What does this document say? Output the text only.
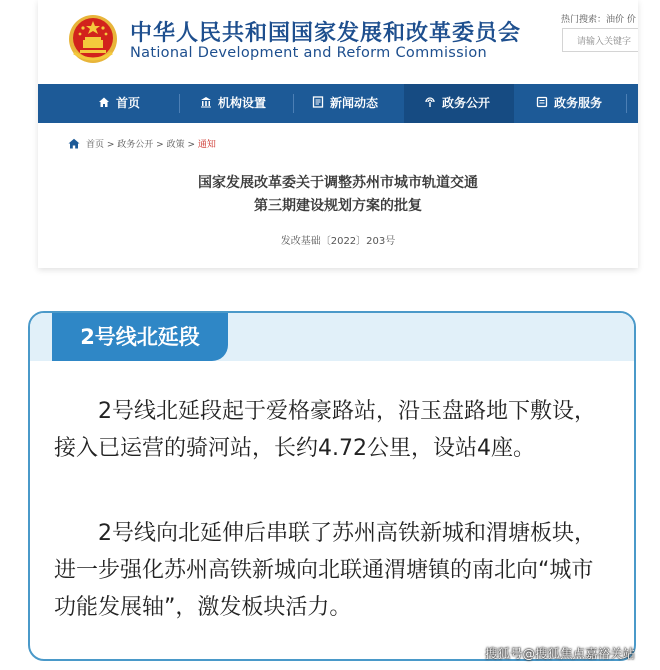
中华人民共和国国家发展和改革委员会
National Development and Reform Commission
热门搜索：油价 价
请输入关键字
首页	机构设置	新闻动态	政务公开	政务服务
首页 > 政务公开 > 政策 > 通知
国家发展改革委关于调整苏州市城市轨道交通
第三期建设规划方案的批复
发改基础〔2022〕203号
2号线北延段
2号线北延段起于爱格豪路站，沿玉盘路地下敷设，接入已运营的骑河站，长约4.72公里，设站4座。
2号线向北延伸后串联了苏州高铁新城和渭塘板块，进一步强化苏州高铁新城向北联通渭塘镇的南北向“城市功能发展轴”，激发板块活力。
搜狐号@搜狐焦点嘉裕关站
